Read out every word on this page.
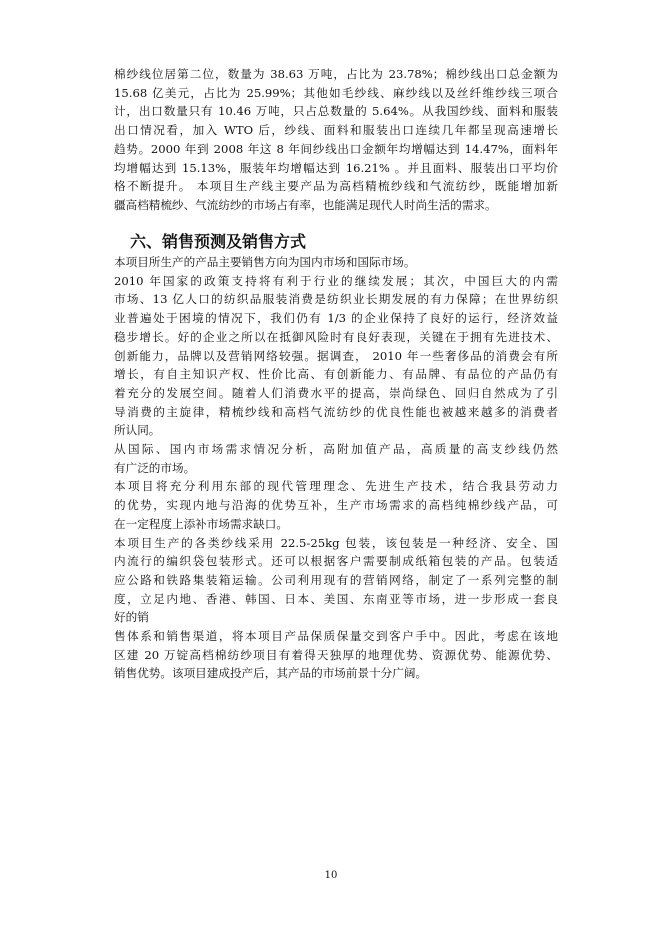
棉纱线位居第二位，数量为 38.63 万吨，占比为 23.78%；棉纱线出口总金额为
15.68 亿美元，占比为 25.99%；其他如毛纱线、麻纱线以及丝纤维纱线三项合
计，出口数量只有 10.46 万吨，只占总数量的 5.64%。从我国纱线、面料和服装
出口情况看，加入 WTO 后，纱线、面料和服装出口连续几年都呈现高速增长
趋势。2000 年到 2008 年这 8 年间纱线出口金额年均增幅达到 14.47%，面料年
均增幅达到 15.13%，服装年均增幅达到 16.21% 。并且面料、服装出口平均价
格不断提升。 本项目生产线主要产品为高档精梳纱线和气流纺纱，既能增加新
疆高档精梳纱、气流纺纱的市场占有率，也能满足现代人时尚生活的需求。
六、销售预测及销售方式
本项目所生产的产品主要销售方向为国内市场和国际市场。
2010 年国家的政策支持将有利于行业的继续发展；其次，中国巨大的内需
市场、13 亿人口的纺织品服装消费是纺织业长期发展的有力保障；在世界纺织
业普遍处于困境的情况下，我们仍有 1/3 的企业保持了良好的运行，经济效益
稳步增长。好的企业之所以在抵御风险时有良好表现，关键在于拥有先进技术、
创新能力，品牌以及营销网络较强。据调查， 2010 年一些奢侈品的消费会有所
增长，有自主知识产权、性价比高、有创新能力、有品牌、有品位的产品仍有
着充分的发展空间。随着人们消费水平的提高，崇尚绿色、回归自然成为了引
导消费的主旋律，精梳纱线和高档气流纺纱的优良性能也被越来越多的消费者
所认同。
从国际、国内市场需求情况分析，高附加值产品，高质量的高支纱线仍然
有广泛的市场。
本项目将充分利用东部的现代管理理念、先进生产技术，结合我县劳动力
的优势，实现内地与沿海的优势互补，生产市场需求的高档纯棉纱线产品，可
在一定程度上添补市场需求缺口。
本项目生产的各类纱线采用 22.5-25kg 包装，该包装是一种经济、安全、国
内流行的编织袋包装形式。还可以根据客户需要制成纸箱包装的产品。包装适
应公路和铁路集装箱运输。公司利用现有的营销网络，制定了一系列完整的制
度，立足内地、香港、韩国、日本、美国、东南亚等市场，进一步形成一套良
好的销
售体系和销售渠道，将本项目产品保质保量交到客户手中。因此，考虑在该地
区建 20 万锭高档棉纺纱项目有着得天独厚的地理优势、资源优势、能源优势、
销售优势。该项目建成投产后，其产品的市场前景十分广阔。
10
